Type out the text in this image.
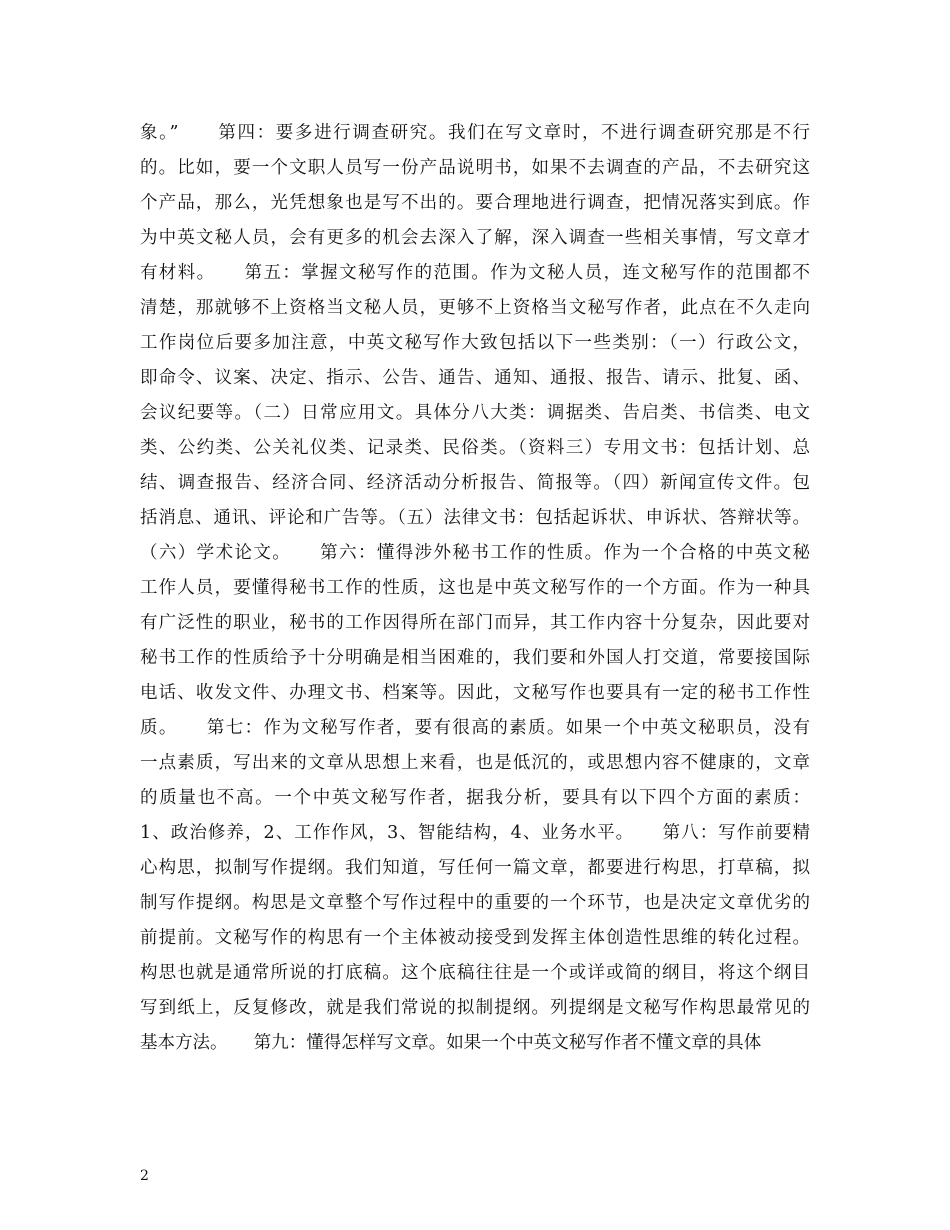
象。”　　第四：要多进行调查研究。我们在写文章时，不进行调查研究那是不行
的。比如，要一个文职人员写一份产品说明书，如果不去调查的产品，不去研究这
个产品，那么，光凭想象也是写不出的。要合理地进行调查，把情况落实到底。作
为中英文秘人员，会有更多的机会去深入了解，深入调查一些相关事情，写文章才
有材料。　　第五：掌握文秘写作的范围。作为文秘人员，连文秘写作的范围都不
清楚，那就够不上资格当文秘人员，更够不上资格当文秘写作者，此点在不久走向
工作岗位后要多加注意，中英文秘写作大致包括以下一些类别：（一）行政公文，
即命令、议案、决定、指示、公告、通告、通知、通报、报告、请示、批复、函、
会议纪要等。（二）日常应用文。具体分八大类：调据类、告启类、书信类、电文
类、公约类、公关礼仪类、记录类、民俗类。（资料三）专用文书：包括计划、总
结、调查报告、经济合同、经济活动分析报告、简报等。（四）新闻宣传文件。包
括消息、通讯、评论和广告等。（五）法律文书：包括起诉状、申诉状、答辩状等。
（六）学术论文。　　第六：懂得涉外秘书工作的性质。作为一个合格的中英文秘
工作人员，要懂得秘书工作的性质，这也是中英文秘写作的一个方面。作为一种具
有广泛性的职业，秘书的工作因得所在部门而异，其工作内容十分复杂，因此要对
秘书工作的性质给予十分明确是相当困难的，我们要和外国人打交道，常要接国际
电话、收发文件、办理文书、档案等。因此，文秘写作也要具有一定的秘书工作性
质。　　第七：作为文秘写作者，要有很高的素质。如果一个中英文秘职员，没有
一点素质，写出来的文章从思想上来看，也是低沉的，或思想内容不健康的，文章
的质量也不高。一个中英文秘写作者，据我分析，要具有以下四个方面的素质：
1、政治修养，2、工作作风，3、智能结构，4、业务水平。　　第八：写作前要精
心构思，拟制写作提纲。我们知道，写任何一篇文章，都要进行构思，打草稿，拟
制写作提纲。构思是文章整个写作过程中的重要的一个环节，也是决定文章优劣的
前提前。文秘写作的构思有一个主体被动接受到发挥主体创造性思维的转化过程。
构思也就是通常所说的打底稿。这个底稿往往是一个或详或简的纲目，将这个纲目
写到纸上，反复修改，就是我们常说的拟制提纲。列提纲是文秘写作构思最常见的
基本方法。　　第九：懂得怎样写文章。如果一个中英文秘写作者不懂文章的具体
2
